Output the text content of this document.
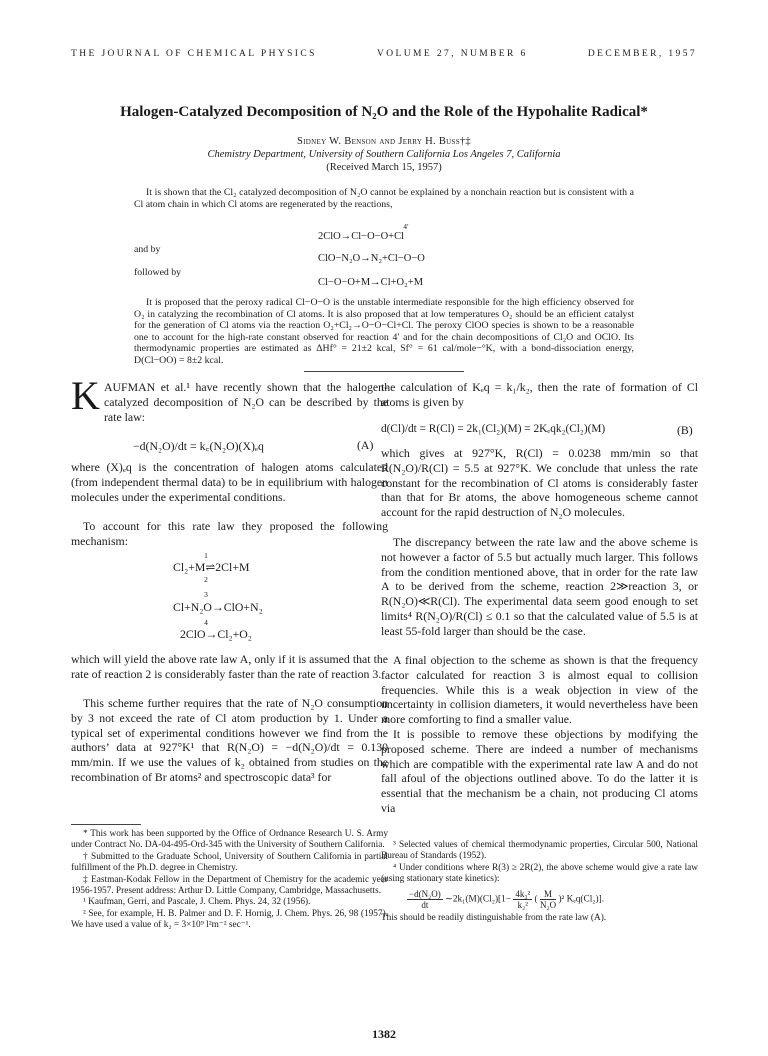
THE JOURNAL OF CHEMICAL PHYSICS	VOLUME 27, NUMBER 6	DECEMBER, 1957
Halogen-Catalyzed Decomposition of N₂O and the Role of the Hypohalite Radical*
Sidney W. Benson and Jerry H. Buss†‡
Chemistry Department, University of Southern California Los Angeles 7, California
(Received March 15, 1957)

It is shown that the Cl₂ catalyzed decomposition of N₂O cannot be explained by a nonchain reaction but is consistent with a Cl atom chain in which Cl atoms are regenerated by the reactions,

4′
2ClO→Cl−O−O+Cl
and by
ClO−N₂O→N₂+Cl−O−O
followed by
Cl−O−O+M→Cl+O₂+M

It is proposed that the peroxy radical Cl−O−O is the unstable intermediate responsible for the high efficiency observed for O₂ in catalyzing the recombination of Cl atoms. It is also proposed that at low temperatures O₂ should be an efficient catalyst for the generation of Cl atoms via the reaction O₂+Cl₂→O−O−Cl+Cl. The peroxy ClOO species is shown to be a reasonable one to account for the high-rate constant observed for reaction 4′ and for the chain decompositions of Cl₂O and OClO. Its thermodynamic properties are estimated as ΔHf° = 21±2 kcal, Sf° = 61 cal/mole−°K, with a bond-dissociation energy, D(Cl−OO) = 8±2 kcal.

K AUFMAN et al.¹ have recently shown that the halogen-catalyzed decomposition of N₂O can be described by the rate law:

−d(N₂O)/dt = k꜀(N₂O)(X)ₑq	(A)

where (X)ₑq is the concentration of halogen atoms calculated (from independent thermal data) to be in equilibrium with halogen molecules under the experimental conditions.

To account for this rate law they proposed the following mechanism:

1
Cl₂+M⇌2Cl+M
2
3
Cl+N₂O→ClO+N₂
4
2ClO→Cl₂+O₂

which will yield the above rate law A, only if it is assumed that the rate of reaction 2 is considerably faster than the rate of reaction 3.

This scheme further requires that the rate of N₂O consumption by 3 not exceed the rate of Cl atom production by 1. Under a typical set of experimental conditions however we find from the authors’ data at 927°K¹ that R(N₂O) = −d(N₂O)/dt = 0.130 mm/min. If we use the values of k₂ obtained from studies on the recombination of Br atoms² and spectroscopic data³ for

* This work has been supported by the Office of Ordnance Research U. S. Army under Contract No. DA-04-495-Ord-345 with the University of Southern California.

† Submitted to the Graduate School, University of Southern California in partial fulfillment of the Ph.D. degree in Chemistry.

‡ Eastman-Kodak Fellow in the Department of Chemistry for the academic year 1956-1957. Present address: Arthur D. Little Company, Cambridge, Massachusetts.

¹ Kaufman, Gerri, and Pascale, J. Chem. Phys. 24, 32 (1956).

² See, for example, H. B. Palmer and D. F. Hornig, J. Chem. Phys. 26, 98 (1957). We have used a value of k₂ = 3×10⁹ l²m⁻² sec⁻¹.

the calculation of Kₑq = k₁/k₂, then the rate of formation of Cl atoms is given by

d(Cl)/dt = R(Cl) = 2k₁(Cl₂)(M) = 2Kₑqk₂(Cl₂)(M)	(B)

which gives at 927°K, R(Cl) = 0.0238 mm/min so that R(N₂O)/R(Cl) = 5.5 at 927°K. We conclude that unless the rate constant for the recombination of Cl atoms is considerably faster than that for Br atoms, the above homogeneous scheme cannot account for the rapid destruction of N₂O molecules.

The discrepancy between the rate law and the above scheme is not however a factor of 5.5 but actually much larger. This follows from the condition mentioned above, that in order for the rate law A to be derived from the scheme, reaction 2≫reaction 3, or R(N₂O)≪R(Cl). The experimental data seem good enough to set limits⁴ R(N₂O)/R(Cl) ≤ 0.1 so that the calculated value of 5.5 is at least 55-fold larger than should be the case.

A final objection to the scheme as shown is that the frequency factor calculated for reaction 3 is almost equal to collision frequencies. While this is a weak objection in view of the uncertainty in collision diameters, it would nevertheless have been more comforting to find a smaller value.

It is possible to remove these objections by modifying the proposed scheme. There are indeed a number of mechanisms which are compatible with the experimental rate law A and do not fall afoul of the objections outlined above. To do the latter it is essential that the mechanism be a chain, not producing Cl atoms via

³ Selected values of chemical thermodynamic properties, Circular 500, National Bureau of Standards (1952).

⁴ Under conditions where R(3) ≥ 2R(2), the above scheme would give a rate law (using stationary state kinetics):

$\frac{\text{−d(N₂O)}}{dt}$ ∼2k₁(M)(Cl₂)[1− $\frac{\text{4k₃²}}{\text{k₂²}}$ ( $\frac{M}{\text{N₂O}} )^2$ Kₑq(Cl₂)].

This should be readily distinguishable from the rate law (A).

1382
